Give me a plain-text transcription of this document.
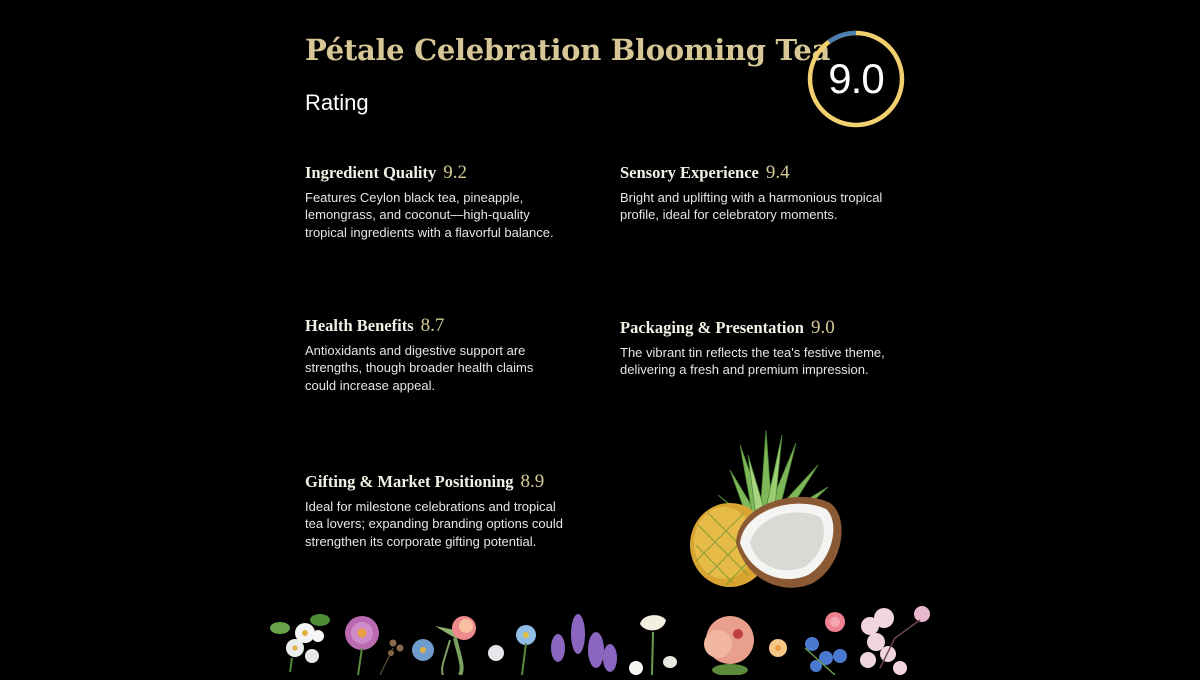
Pétale Celebration Blooming Tea
Rating
9.0
Ingredient Quality 9.2
Features Ceylon black tea, pineapple, lemongrass, and coconut—high-quality tropical ingredients with a flavorful balance.
Sensory Experience 9.4
Bright and uplifting with a harmonious tropical profile, ideal for celebratory moments.
Health Benefits 8.7
Antioxidants and digestive support are strengths, though broader health claims could increase appeal.
Packaging & Presentation 9.0
The vibrant tin reflects the tea's festive theme, delivering a fresh and premium impression.
Gifting & Market Positioning 8.9
Ideal for milestone celebrations and tropical tea lovers; expanding branding options could strengthen its corporate gifting potential.
